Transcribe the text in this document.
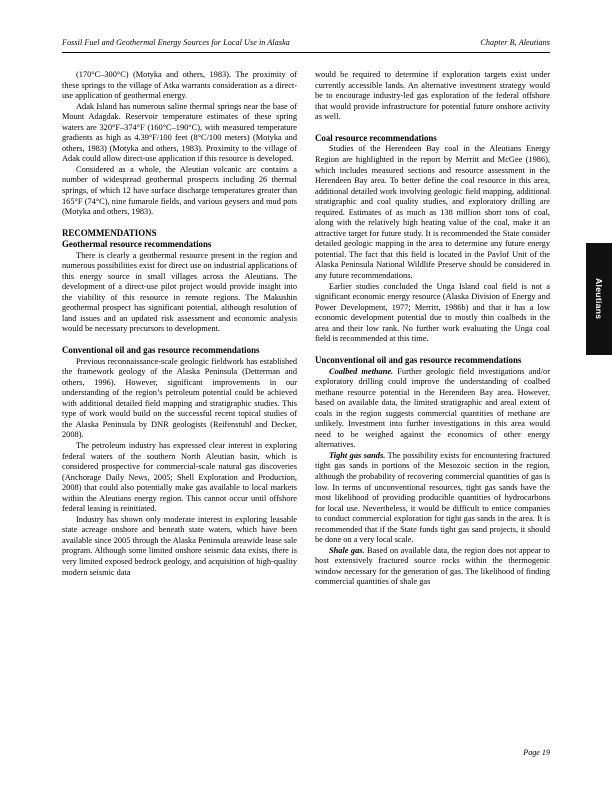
Fossil Fuel and Geothermal Energy Sources for Local Use in Alaska	Chapter B, Aleutians

(170°C–300°C) (Motyka and others, 1983). The proximity of these springs to the village of Atka warrants consideration as a direct-use application of geothermal energy.

Adak Island has numerous saline thermal springs near the base of Mount Adagdak. Reservoir temperature estimates of these spring waters are 320°F–374°F (160°C–190°C), with measured temperature gradients as high as 4.39°F/100 feet (8°C/100 meters) (Motyka and others, 1983) (Motyka and others, 1983). Proximity to the village of Adak could allow direct-use application if this resource is developed.

Considered as a whole, the Aleutian volcanic arc contains a number of widespread geothermal prospects including 26 thermal springs, of which 12 have surface discharge temperatures greater than 165°F (74°C), nine fumarole fields, and various geysers and mud pots (Motyka and others, 1983).

RECOMMENDATIONS
Geothermal resource recommendations

There is clearly a geothermal resource present in the region and numerous possibilities exist for direct use on industrial applications of this energy source in small villages across the Aleutians. The development of a direct-use pilot project would provide insight into the viability of this resource in remote regions. The Makushin geothermal prospect has significant potential, although resolution of land issues and an updated risk assessment and economic analysis would be necessary precursors to development.

Conventional oil and gas resource recommendations

Previous reconnaissance-scale geologic fieldwork has established the framework geology of the Alaska Peninsula (Detterman and others, 1996). However, significant improvements in our understanding of the region’s petroleum potential could be achieved with additional detailed field mapping and stratigraphic studies. This type of work would build on the successful recent topical studies of the Alaska Peninsula by DNR geologists (Reifenstuhl and Decker, 2008).

The petroleum industry has expressed clear interest in exploring federal waters of the southern North Aleutian basin, which is considered prospective for commercial-scale natural gas discoveries (Anchorage Daily News, 2005; Shell Exploration and Production, 2008) that could also potentially make gas available to local markets within the Aleutians energy region. This cannot occur until offshore federal leasing is reinitiated.

Industry has shown only moderate interest in exploring leasable state acreage onshore and beneath state waters, which have been available since 2005 through the Alaska Peninsula areawide lease sale program. Although some limited onshore seismic data exists, there is very limited exposed bedrock geology, and acquisition of high-quality modern seismic data

would be required to determine if exploration targets exist under currently accessible lands. An alternative investment strategy would be to encourage industry-led gas exploration of the federal offshore that would provide infrastructure for potential future onshore activity as well.

Coal resource recommendations

Studies of the Herendeen Bay coal in the Aleutians Energy Region are highlighted in the report by Merritt and McGee (1986), which includes measured sections and resource assessment in the Herendeen Bay area. To better define the coal resource in this area, additional detailed work involving geologic field mapping, additional stratigraphic and coal quality studies, and exploratory drilling are required. Estimates of as much as 138 million short tons of coal, along with the relatively high heating value of the coal, make it an attractive target for future study. It is recommended the State consider detailed geologic mapping in the area to determine any future energy potential. The fact that this field is located in the Pavlof Unit of the Alaska Peninsula National Wildlife Preserve should be considered in any future recommendations.

Earlier studies concluded the Unga Island coal field is not a significant economic energy resource (Alaska Division of Energy and Power Development, 1977; Merritt, 1986b) and that it has a low economic development potential due to mostly thin coalbeds in the area and their low rank. No further work evaluating the Unga coal field is recommended at this time.

Unconventional oil and gas resource recommendations

Coalbed methane. Further geologic field investigations and/or exploratory drilling could improve the understanding of coalbed methane resource potential in the Herendeen Bay area. However, based on available data, the limited stratigraphic and areal extent of coals in the region suggests commercial quantities of methane are unlikely. Investment into further investigations in this area would need to be weighed against the economics of other energy alternatives.

Tight gas sands. The possibility exists for encountering fractured tight gas sands in portions of the Mesozoic section in the region, although the probability of recovering commercial quantities of gas is low. In terms of unconventional resources, tight gas sands have the most likelihood of providing producible quantities of hydrocarbons for local use. Nevertheless, it would be difficult to entice companies to conduct commercial exploration for tight gas sands in the area. It is recommended that if the State funds tight gas sand projects, it should be done on a very local scale.

Shale gas. Based on available data, the region does not appear to host extensively fractured source rocks within the thermogenic window necessary for the generation of gas. The likelihood of finding commercial quantities of shale gas

Aleutians
Page 19
